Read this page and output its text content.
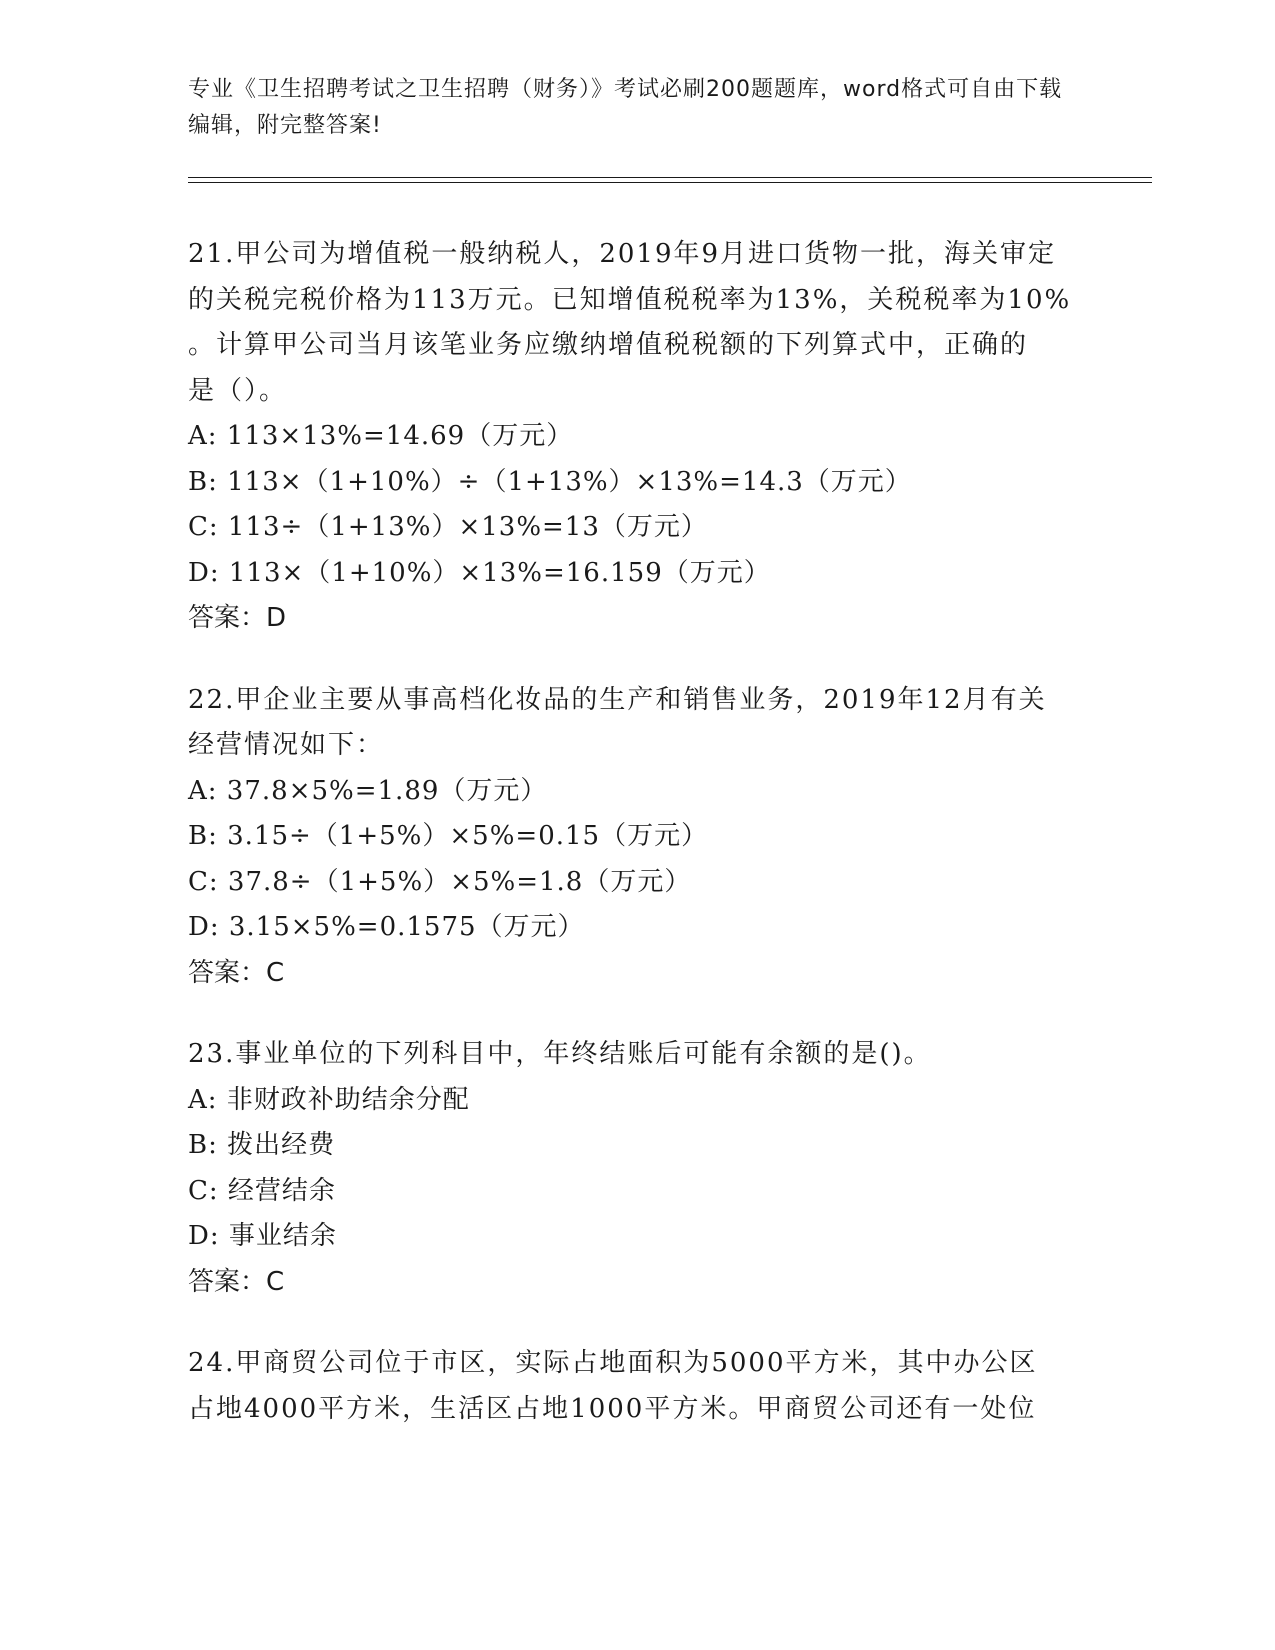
专业《卫生招聘考试之卫生招聘（财务）》考试必刷200题题库，word格式可自由下载编辑，附完整答案!

21.甲公司为增值税一般纳税人，2019年9月进口货物一批，海关审定

的关税完税价格为113万元。已知增值税税率为13%，关税税率为10%

。计算甲公司当月该笔业务应缴纳增值税税额的下列算式中，正确的

是（）。

A: 113×13%=14.69（万元）

B: 113×（1+10%）÷（1+13%）×13%=14.3（万元）

C: 113÷（1+13%）×13%=13（万元）

D: 113×（1+10%）×13%=16.159（万元）

答案：D

22.甲企业主要从事高档化妆品的生产和销售业务，2019年12月有关

经营情况如下：

A: 37.8×5%=1.89（万元）

B: 3.15÷（1+5%）×5%=0.15（万元）

C: 37.8÷（1+5%）×5%=1.8（万元）

D: 3.15×5%=0.1575（万元）

答案：C

23.事业单位的下列科目中，年终结账后可能有余额的是()。

A: 非财政补助结余分配

B: 拨出经费

C: 经营结余

D: 事业结余

答案：C

24.甲商贸公司位于市区，实际占地面积为5000平方米，其中办公区

占地4000平方米，生活区占地1000平方米。甲商贸公司还有一处位
